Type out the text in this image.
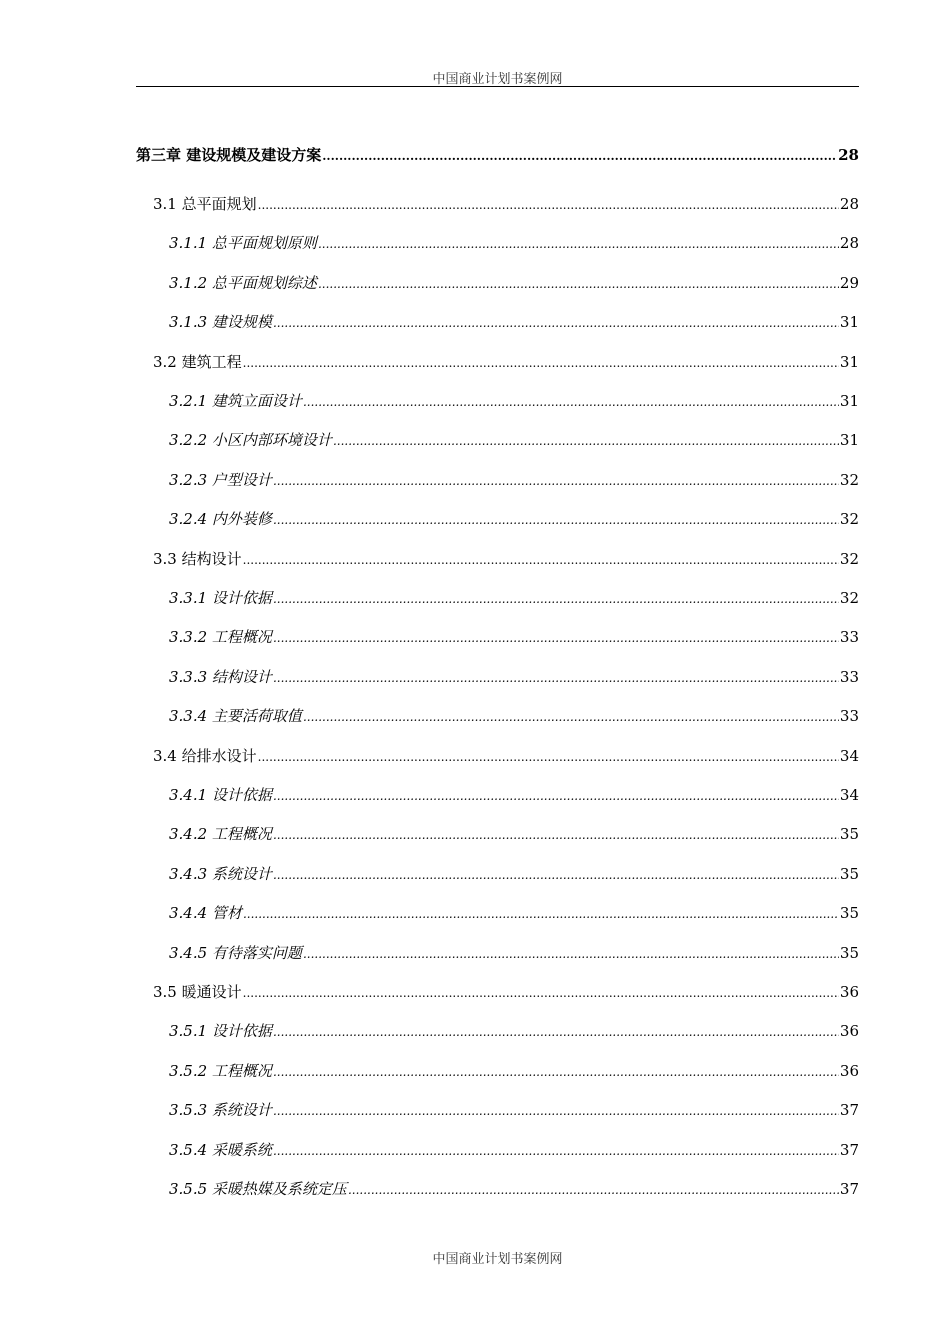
中国商业计划书案例网
第三章 建设规模及建设方案 .....	28
3.1 总平面规划 .....	28
3.1.1 总平面规划原则 .....	28
3.1.2 总平面规划综述 .....	29
3.1.3 建设规模 .....	31
3.2 建筑工程 .....	31
3.2.1 建筑立面设计 .....	31
3.2.2 小区内部环境设计 .....	31
3.2.3 户型设计 .....	32
3.2.4 内外装修 .....	32
3.3 结构设计 .....	32
3.3.1 设计依据 .....	32
3.3.2 工程概况 .....	33
3.3.3 结构设计 .....	33
3.3.4 主要活荷取值 .....	33
3.4 给排水设计 .....	34
3.4.1 设计依据 .....	34
3.4.2 工程概况 .....	35
3.4.3 系统设计 .....	35
3.4.4 管材 .....	35
3.4.5 有待落实问题 .....	35
3.5 暖通设计 .....	36
3.5.1 设计依据 .....	36
3.5.2 工程概况 .....	36
3.5.3 系统设计 .....	37
3.5.4 采暖系统 .....	37
3.5.5 采暖热媒及系统定压 .....	37
中国商业计划书案例网
